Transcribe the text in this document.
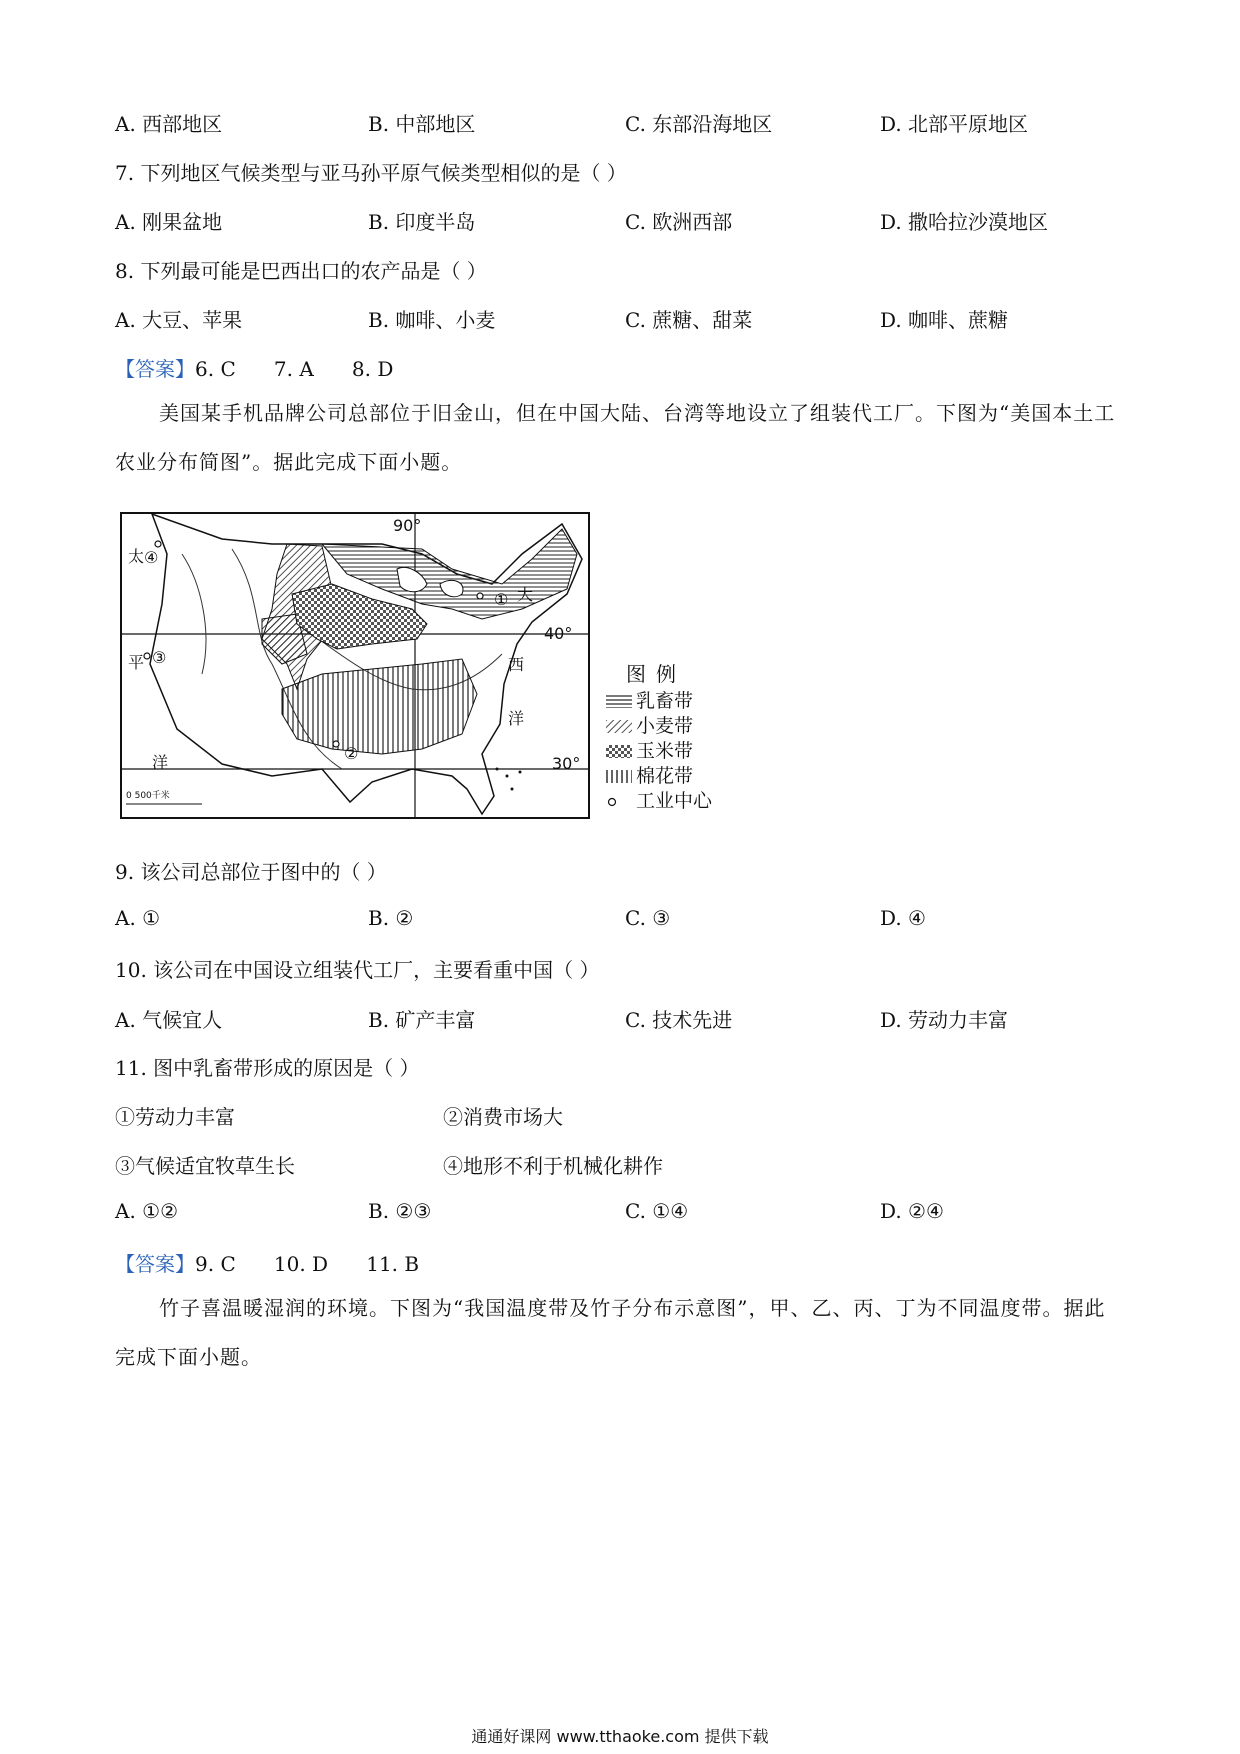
A. 西部地区	B. 中部地区	C. 东部沿海地区	D. 北部平原地区
7. 下列地区气候类型与亚马孙平原气候类型相似的是（ ）
A. 刚果盆地	B. 印度半岛	C. 欧洲西部	D. 撒哈拉沙漠地区
8. 下列最可能是巴西出口的农产品是（ ）
A. 大豆、苹果	B. 咖啡、小麦	C. 蔗糖、甜菜	D. 咖啡、蔗糖
【答案】6. C      7. A      8. D
美国某手机品牌公司总部位于旧金山，但在中国大陆、台湾等地设立了组装代工厂。下图为“美国本土工农业分布简图”。据此完成下面小题。
90°
40°
30°
0 500千米
太
平
洋
大
西
洋
①
②
③
④
图例
乳畜带
小麦带
玉米带
棉花带
工业中心
9. 该公司总部位于图中的（ ）
A. ①	B. ②	C. ③	D. ④
10. 该公司在中国设立组装代工厂，主要看重中国（ ）
A. 气候宜人	B. 矿产丰富	C. 技术先进	D. 劳动力丰富
11. 图中乳畜带形成的原因是（ ）
①劳动力丰富	②消费市场大
③气候适宜牧草生长	④地形不利于机械化耕作
A. ①②	B. ②③	C. ①④	D. ②④
【答案】9. C      10. D      11. B
竹子喜温暖湿润的环境。下图为“我国温度带及竹子分布示意图”，甲、乙、丙、丁为不同温度带。据此完成下面小题。
通通好课网 www.tthaoke.com 提供下载
